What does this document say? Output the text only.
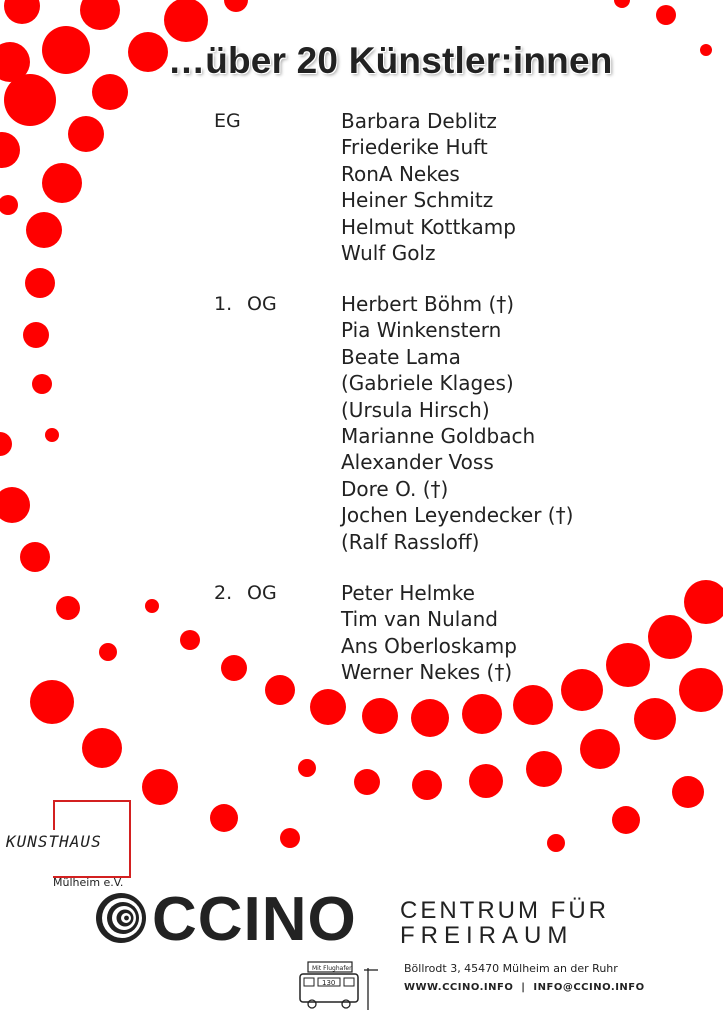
…über 20 Künstler:innen
EG	Barbara Deblitz
Friederike Huft
RonA Nekes
Heiner Schmitz
Helmut Kottkamp
Wulf Golz
1. OG	Herbert Böhm (†)
Pia Winkenstern
Beate Lama
(Gabriele Klages)
(Ursula Hirsch)
Marianne Goldbach
Alexander Voss
Dore O. (†)
Jochen Leyendecker (†)
(Ralf Rassloff)
2. OG	Peter Helmke
Tim van Nuland
Ans Oberloskamp
Werner Nekes (†)
KUNSTHAUS
Mülheim e.V.
CCINO CENTRUM FÜR
FREIRAUM
Mit Flughafen
130
Böllrodt 3, 45470 Mülheim an der Ruhr
WWW.CCINO.INFO  |  INFO@CCINO.INFO
